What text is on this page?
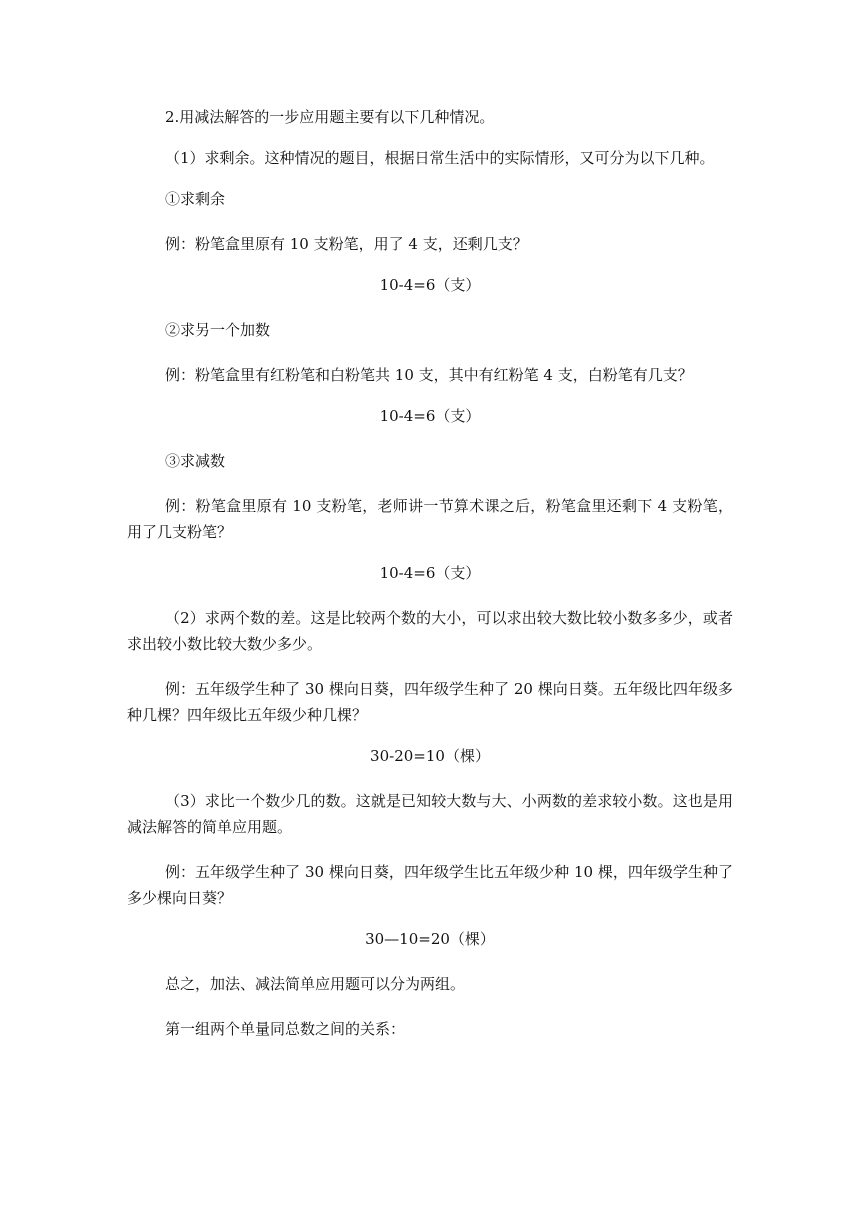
2.用减法解答的一步应用题主要有以下几种情况。

（1）求剩余。这种情况的题目，根据日常生活中的实际情形，又可分为以下几种。

①求剩余

例：粉笔盒里原有 10 支粉笔，用了 4 支，还剩几支？

10-4=6（支）

②求另一个加数

例：粉笔盒里有红粉笔和白粉笔共 10 支，其中有红粉笔 4 支，白粉笔有几支？

10-4=6（支）

③求减数

例：粉笔盒里原有 10 支粉笔，老师讲一节算术课之后，粉笔盒里还剩下 4 支粉笔，用了几支粉笔？

10-4=6（支）

（2）求两个数的差。这是比较两个数的大小，可以求出较大数比较小数多多少，或者求出较小数比较大数少多少。

例：五年级学生种了 30 棵向日葵，四年级学生种了 20 棵向日葵。五年级比四年级多种几棵？四年级比五年级少种几棵？

30-20=10（棵）

（3）求比一个数少几的数。这就是已知较大数与大、小两数的差求较小数。这也是用减法解答的简单应用题。

例：五年级学生种了 30 棵向日葵，四年级学生比五年级少种 10 棵，四年级学生种了多少棵向日葵？

30—10=20（棵）

总之，加法、减法简单应用题可以分为两组。

第一组两个单量同总数之间的关系：
